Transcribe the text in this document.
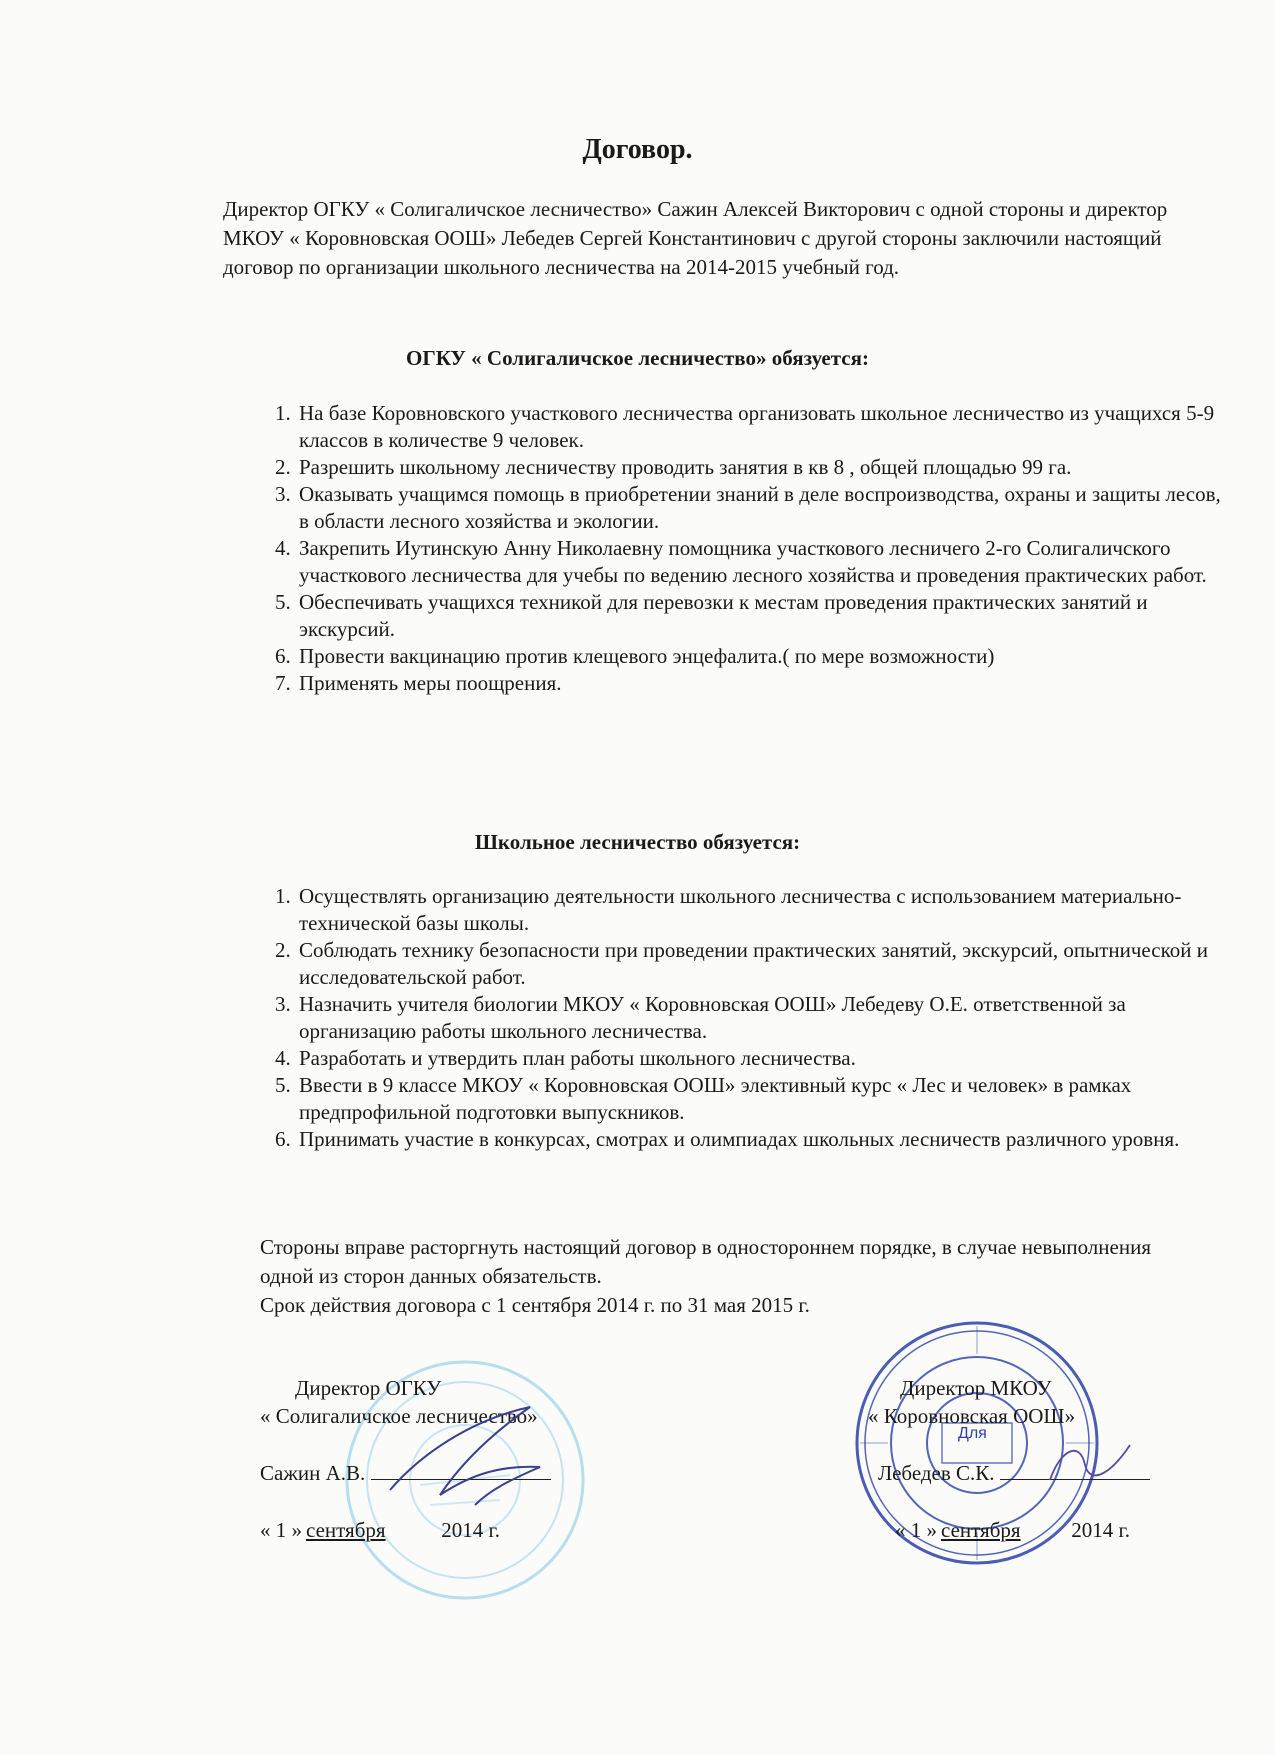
Договор.
Директор ОГКУ « Солигаличское лесничество» Сажин Алексей Викторович с одной стороны и директор МКОУ « Коровновская ООШ» Лебедев Сергей Константинович с другой стороны заключили настоящий договор по организации школьного лесничества на 2014-2015 учебный год.
ОГКУ « Солигаличское лесничество» обязуется:
1. На базе Коровновского участкового лесничества организовать школьное лесничество из учащихся 5-9 классов в количестве 9 человек.
2. Разрешить школьному лесничеству проводить занятия в кв 8 , общей площадью 99 га.
3. Оказывать учащимся помощь в приобретении знаний в деле воспроизводства, охраны и защиты лесов, в области лесного хозяйства и экологии.
4. Закрепить Иутинскую Анну Николаевну помощника участкового лесничего 2-го Солигаличского участкового лесничества для учебы по ведению лесного хозяйства и проведения практических работ.
5. Обеспечивать учащихся техникой для перевозки к местам проведения практических занятий и экскурсий.
6. Провести вакцинацию против клещевого энцефалита.( по мере возможности)
7. Применять меры поощрения.
Школьное лесничество обязуется:
1. Осуществлять организацию деятельности школьного лесничества с использованием материально-технической базы школы.
2. Соблюдать технику безопасности при проведении практических занятий, экскурсий, опытнической и исследовательской работ.
3. Назначить учителя биологии МКОУ « Коровновская ООШ» Лебедеву О.Е. ответственной за организацию работы школьного лесничества.
4. Разработать и утвердить план работы школьного лесничества.
5. Ввести в 9 классе МКОУ « Коровновская ООШ» элективный курс « Лес и человек» в рамках предпрофильной подготовки выпускников.
6. Принимать участие в конкурсах, смотрах и олимпиадах школьных лесничеств различного уровня.
Стороны вправе расторгнуть настоящий договор в одностороннем порядке, в случае невыполнения одной из сторон данных обязательств.
Срок действия договора с 1 сентября 2014 г. по 31 мая 2015 г.
Для
Директор ОГКУ
« Солигаличское лесничество»
Сажин А.В.
« 1 » сентября	2014 г.
Директор МКОУ
« Коровновская ООШ»
Лебедев С.К.
« 1 » сентября 2014 г.
